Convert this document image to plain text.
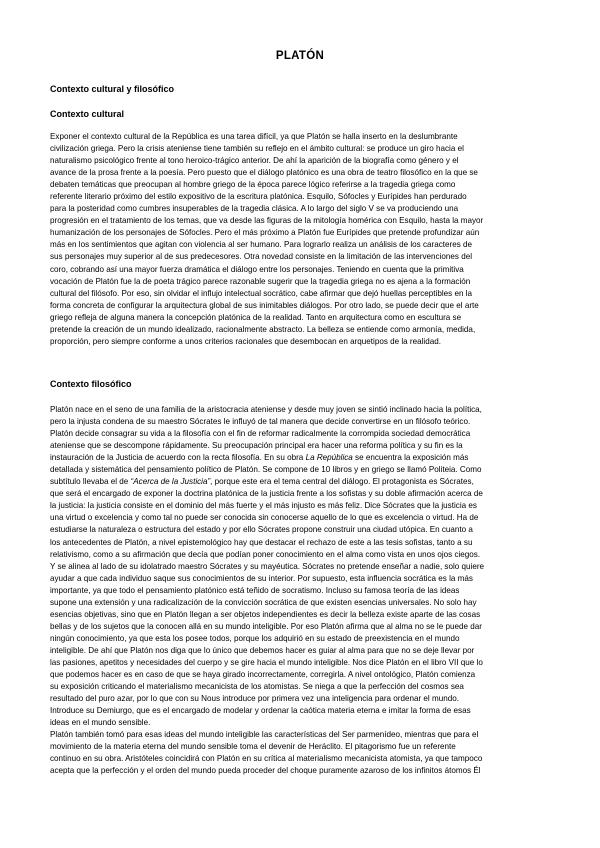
PLATÓN
Contexto cultural y filosófico
Contexto cultural
Exponer el contexto cultural de la República es una tarea difícil, ya que Platón se halla inserto en la deslumbrante
civilización griega. Pero la crisis ateniense tiene también su reflejo en el ámbito cultural: se produce un giro hacia el
naturalismo psicológico frente al tono heroico-trágico anterior. De ahí la aparición de la biografía como género y el
avance de la prosa frente a la poesía. Pero puesto que el diálogo platónico es una obra de teatro filosófico en la que se
debaten temáticas que preocupan al hombre griego de la época parece lógico referirse a la tragedia griega como
referente literario próximo del estilo expositivo de la escritura platónica. Esquilo, Sófocles y Eurípides han perdurado
para la posteridad como cumbres insuperables de la tragedia clásica. A lo largo del siglo V se va produciendo una
progresión en el tratamiento de los temas, que va desde las figuras de la mitología homérica con Esquilo, hasta la mayor
humanización de los personajes de Sófocles. Pero el más próximo a Platón fue Eurípides que pretende profundizar aún
más en los sentimientos que agitan con violencia al ser humano. Para lograrlo realiza un análisis de los caracteres de
sus personajes muy superior al de sus predecesores. Otra novedad consiste en la limitación de las intervenciones del
coro, cobrando así una mayor fuerza dramática el diálogo entre los personajes. Teniendo en cuenta que la primitiva
vocación de Platón fue la de poeta trágico parece razonable sugerir que la tragedia griega no es ajena a la formación
cultural del filósofo. Por eso, sin olvidar el influjo intelectual socrático, cabe afirmar que dejó huellas perceptibles en la
forma concreta de configurar la arquitectura global de sus inimitables diálogos. Por otro lado, se puede decir que el arte
griego refleja de alguna manera la concepción platónica de la realidad. Tanto en arquitectura como en escultura se
pretende la creación de un mundo idealizado, racionalmente abstracto. La belleza se entiende como armonía, medida,
proporción, pero siempre conforme a unos criterios racionales que desembocan en arquetipos de la realidad.
Contexto filosófico
Platón nace en el seno de una familia de la aristocracia ateniense y desde muy joven se sintió inclinado hacia la política,
pero la injusta condena de su maestro Sócrates le influyó de tal manera que decide convertirse en un filósofo teórico.
Platón decide consagrar su vida a la filosofía con el fin de reformar radicalmente la corrompida sociedad democrática
ateniense que se descompone rápidamente. Su preocupación principal era hacer una reforma política y su fin es la
instauración de la Justicia de acuerdo con la recta filosofía. En su obra La República se encuentra la exposición más
detallada y sistemática del pensamiento político de Platón. Se compone de 10 libros y en griego se llamó Politeia. Como
subtítulo llevaba el de “Acerca de la Justicia”, porque este era el tema central del diálogo. El protagonista es Sócrates,
que será el encargado de exponer la doctrina platónica de la justicia frente a los sofistas y su doble afirmación acerca de
la justicia: la justicia consiste en el dominio del más fuerte y el más injusto es más feliz. Dice Sócrates que la justicia es
una virtud o excelencia y como tal no puede ser conocida sin conocerse aquello de lo que es excelencia o virtud. Ha de
estudiarse la naturaleza o estructura del estado y por ello Sócrates propone construir una ciudad utópica. En cuanto a
los antecedentes de Platón, a nivel epistemológico hay que destacar el rechazo de este a las tesis sofistas, tanto a su
relativismo, como a su afirmación que decía que podían poner conocimiento en el alma como vista en unos ojos ciegos.
Y se alinea al lado de su idolatrado maestro Sócrates y su mayéutica. Sócrates no pretende enseñar a nadie, solo quiere
ayudar a que cada individuo saque sus conocimientos de su interior. Por supuesto, esta influencia socrática es la más
importante, ya que todo el pensamiento platónico está teñido de socratismo. Incluso su famosa teoría de las ideas
supone una extensión y una radicalización de la convicción socrática de que existen esencias universales. No solo hay
esencias objetivas, sino que en Platón llegan a ser objetos independientes es decir la belleza existe aparte de las cosas
bellas y de los sujetos que la conocen allá en su mundo inteligible. Por eso Platón afirma que al alma no se le puede dar
ningún conocimiento, ya que esta los posee todos, porque los adquirió en su estado de preexistencia en el mundo
inteligible. De ahí que Platón nos diga que lo único que debemos hacer es guiar al alma para que no se deje llevar por
las pasiones, apetitos y necesidades del cuerpo y se gire hacia el mundo inteligible. Nos dice Platón en el libro VII que lo
que podemos hacer es en caso de que se haya girado incorrectamente, corregirla. A nivel ontológico, Platón comienza
su exposición criticando el materialismo mecanicista de los atomistas. Se niega a que la perfección del cosmos sea
resultado del puro azar, por lo que con su Nous introduce por primera vez una inteligencia para ordenar el mundo.
Introduce su Demiurgo, que es el encargado de modelar y ordenar la caótica materia eterna e imitar la forma de esas
ideas en el mundo sensible.
Platón también tomó para esas ideas del mundo inteligible las características del Ser parmenídeo, mientras que para el
movimiento de la materia eterna del mundo sensible toma el devenir de Heráclito. El pitagorismo fue un referente
continuo en su obra. Aristóteles coincidirá con Platón en su crítica al materialismo mecanicista atomista, ya que tampoco
acepta que la perfección y el orden del mundo pueda proceder del choque puramente azaroso de los infinitos átomos Él
